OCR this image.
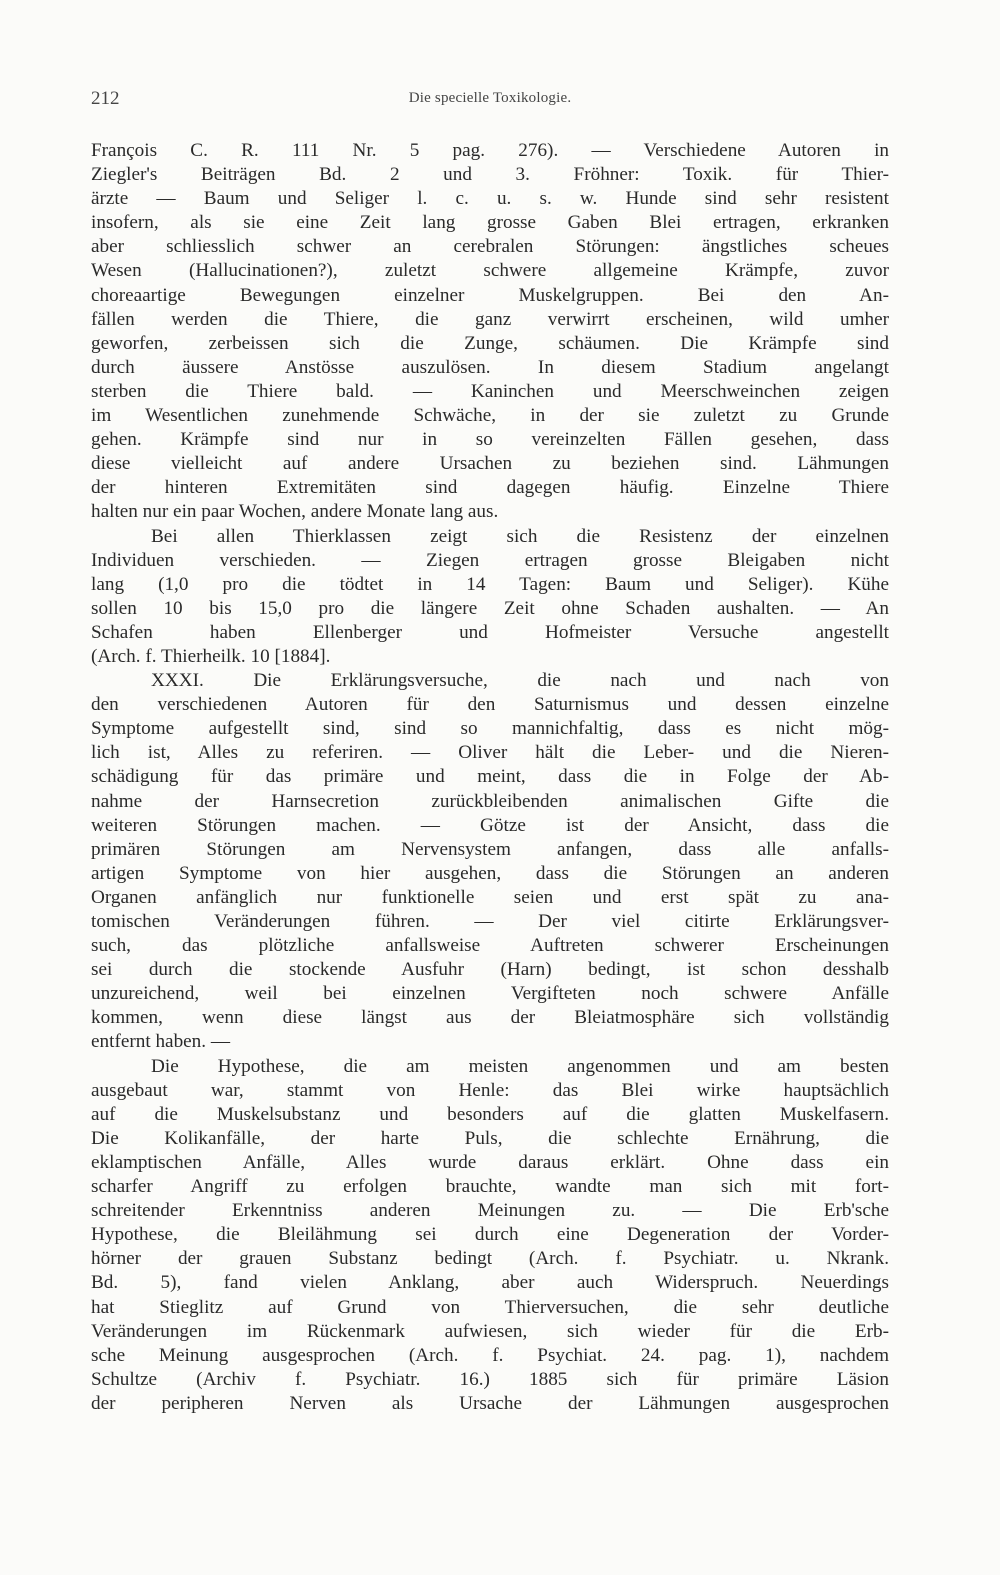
212	Die specielle Toxikologie.
François C. R. 111 Nr. 5 pag. 276). — Verschiedene Autoren in
Ziegler's Beiträgen Bd. 2 und 3. Fröhner: Toxik. für Thier-
ärzte — Baum und Seliger l. c. u. s. w. Hunde sind sehr resistent
insofern, als sie eine Zeit lang grosse Gaben Blei ertragen, erkranken
aber schliesslich schwer an cerebralen Störungen: ängstliches scheues
Wesen (Hallucinationen?), zuletzt schwere allgemeine Krämpfe, zuvor
choreaartige Bewegungen einzelner Muskelgruppen. Bei den An-
fällen werden die Thiere, die ganz verwirrt erscheinen, wild umher
geworfen, zerbeissen sich die Zunge, schäumen. Die Krämpfe sind
durch äussere Anstösse auszulösen. In diesem Stadium angelangt
sterben die Thiere bald. — Kaninchen und Meerschweinchen zeigen
im Wesentlichen zunehmende Schwäche, in der sie zuletzt zu Grunde
gehen. Krämpfe sind nur in so vereinzelten Fällen gesehen, dass
diese vielleicht auf andere Ursachen zu beziehen sind. Lähmungen
der hinteren Extremitäten sind dagegen häufig. Einzelne Thiere
halten nur ein paar Wochen, andere Monate lang aus.
Bei allen Thierklassen zeigt sich die Resistenz der einzelnen
Individuen verschieden. — Ziegen ertragen grosse Bleigaben nicht
lang (1,0 pro die tödtet in 14 Tagen: Baum und Seliger). Kühe
sollen 10 bis 15,0 pro die längere Zeit ohne Schaden aushalten. — An
Schafen haben Ellenberger und Hofmeister Versuche angestellt
(Arch. f. Thierheilk. 10 [1884].
XXXI. Die Erklärungsversuche, die nach und nach von
den verschiedenen Autoren für den Saturnismus und dessen einzelne
Symptome aufgestellt sind, sind so mannichfaltig, dass es nicht mög-
lich ist, Alles zu referiren. — Oliver hält die Leber- und die Nieren-
schädigung für das primäre und meint, dass die in Folge der Ab-
nahme der Harnsecretion zurückbleibenden animalischen Gifte die
weiteren Störungen machen. — Götze ist der Ansicht, dass die
primären Störungen am Nervensystem anfangen, dass alle anfalls-
artigen Symptome von hier ausgehen, dass die Störungen an anderen
Organen anfänglich nur funktionelle seien und erst spät zu ana-
tomischen Veränderungen führen. — Der viel citirte Erklärungsver-
such, das plötzliche anfallsweise Auftreten schwerer Erscheinungen
sei durch die stockende Ausfuhr (Harn) bedingt, ist schon desshalb
unzureichend, weil bei einzelnen Vergifteten noch schwere Anfälle
kommen, wenn diese längst aus der Bleiatmosphäre sich vollständig
entfernt haben. —
Die Hypothese, die am meisten angenommen und am besten
ausgebaut war, stammt von Henle: das Blei wirke hauptsächlich
auf die Muskelsubstanz und besonders auf die glatten Muskelfasern.
Die Kolikanfälle, der harte Puls, die schlechte Ernährung, die
eklamptischen Anfälle, Alles wurde daraus erklärt. Ohne dass ein
scharfer Angriff zu erfolgen brauchte, wandte man sich mit fort-
schreitender Erkenntniss anderen Meinungen zu. — Die Erb'sche
Hypothese, die Bleilähmung sei durch eine Degeneration der Vorder-
hörner der grauen Substanz bedingt (Arch. f. Psychiatr. u. Nkrank.
Bd. 5), fand vielen Anklang, aber auch Widerspruch. Neuerdings
hat Stieglitz auf Grund von Thierversuchen, die sehr deutliche
Veränderungen im Rückenmark aufwiesen, sich wieder für die Erb-
sche Meinung ausgesprochen (Arch. f. Psychiat. 24. pag. 1), nachdem
Schultze (Archiv f. Psychiatr. 16.) 1885 sich für primäre Läsion
der peripheren Nerven als Ursache der Lähmungen ausgesprochen
